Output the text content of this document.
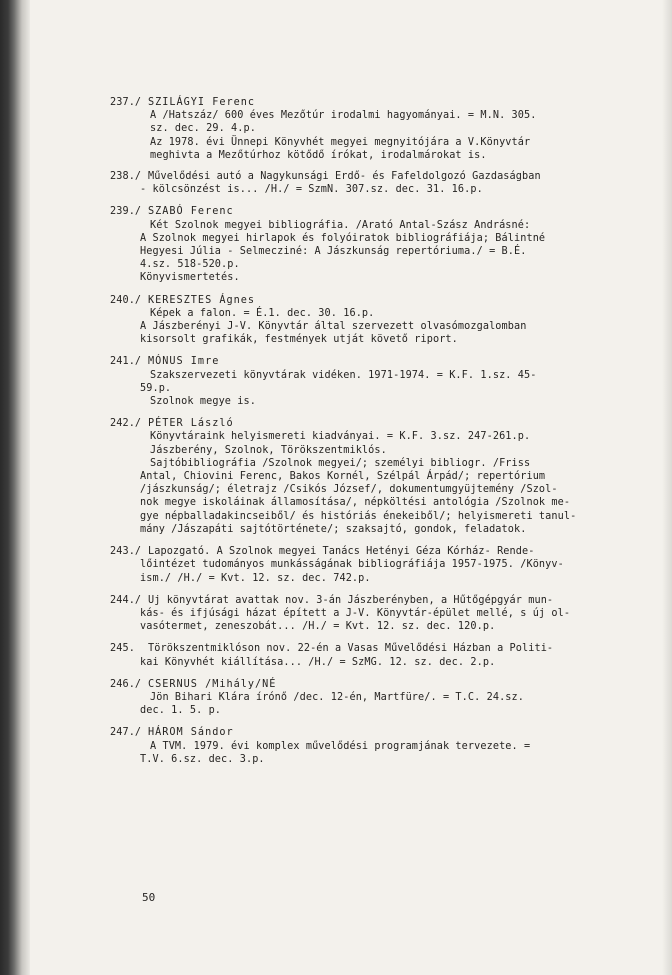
237./ SZILÁGYI Ferenc
A /Hatszáz/ 600 éves Mezőtúr irodalmi hagyományai. = M.N. 305.
sz. dec. 29. 4.p.
Az 1978. évi Ünnepi Könyvhét megyei megnyitójára a V.Könyvtár
meghivta a Mezőtúrhoz kötődő írókat, irodalmárokat is.
238./ Művelődési autó a Nagykunsági Erdő- és Fafeldolgozó Gazdaságban
- kölcsönzést is... /H./ = SzmN. 307.sz. dec. 31. 16.p.
239./ SZABÓ Ferenc
Két Szolnok megyei bibliográfia. /Arató Antal-Szász Andrásné:
A Szolnok megyei hirlapok és folyóiratok bibliográfiája; Bálintné
Hegyesi Júlia - Selmecziné: A Jászkunság repertóriuma./ = B.É.
4.sz. 518-520.p.
Könyvismertetés.
240./ KERESZTES Ágnes
Képek a falon. = É.1. dec. 30. 16.p.
A Jászberényi J-V. Könyvtár által szervezett olvasómozgalomban
kisorsolt grafikák, festmények utját követő riport.
241./ MÓNUS Imre
Szakszervezeti könyvtárak vidéken. 1971-1974. = K.F. 1.sz. 45-
59.p.
Szolnok megye is.
242./ PÉTER László
Könyvtáraink helyismereti kiadványai. = K.F. 3.sz. 247-261.p.
Jászberény, Szolnok, Törökszentmiklós.
Sajtóbibliográfia /Szolnok megyei/; személyi bibliogr. /Friss
Antal, Chiovini Ferenc, Bakos Kornél, Szélpál Árpád/; repertórium
/jászkunság/; életrajz /Csikós József/, dokumentumgyüjtemény /Szol-
nok megye iskoláinak államosítása/, népköltési antológia /Szolnok me-
gye népballadakincseiből/ és históriás énekeiből/; helyismereti tanul-
mány /Jászapáti sajtótörténete/; szaksajtó, gondok, feladatok.
243./ Lapozgató. A Szolnok megyei Tanács Hetényi Géza Kórház- Rende-
lőintézet tudományos munkásságának bibliográfiája 1957-1975. /Könyv-
ism./ /H./ = Kvt. 12. sz. dec. 742.p.
244./ Uj könyvtárat avattak nov. 3-án Jászberényben, a Hűtőgépgyár mun-
kás- és ifjúsági házat épített a J-V. Könyvtár-épület mellé, s új ol-
vasótermet, zeneszobát... /H./ = Kvt. 12. sz. dec. 120.p.
245.	Törökszentmiklóson nov. 22-én a Vasas Művelődési Házban a Politi-
kai Könyvhét kiállítása... /H./ = SzMG. 12. sz. dec. 2.p.
246./ CSERNUS /Mihály/NÉ
Jön Bihari Klára írónő /dec. 12-én, Martfüre/. = T.C. 24.sz.
dec. 1. 5. p.
247./ HÁROM Sándor
A TVM. 1979. évi komplex művelődési programjának tervezete. =
T.V. 6.sz. dec. 3.p.
50
